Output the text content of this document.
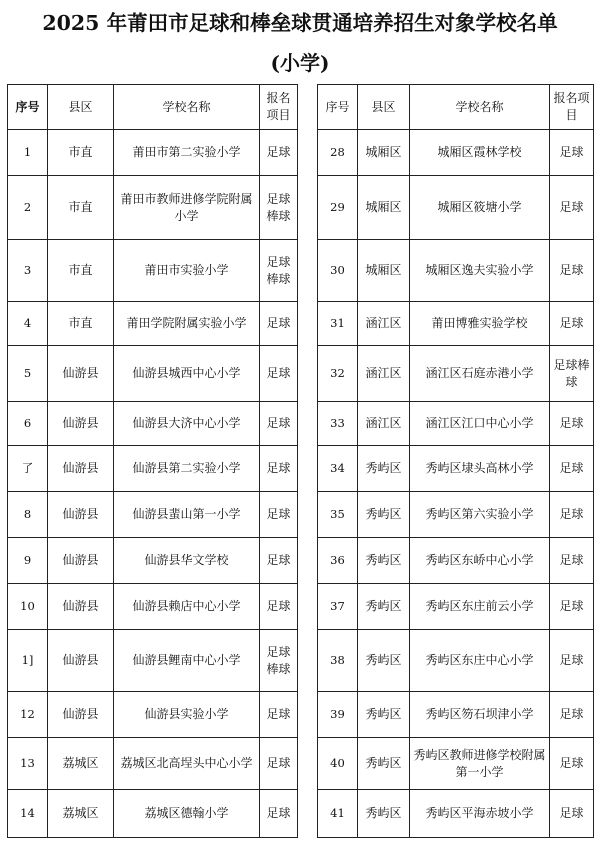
2025 年莆田市足球和棒垒球贯通培养招生对象学校名单
(小学)
序号	县区	学校名称	报名项目
1	市直	莆田市第二实验小学	足球
2	市直	莆田市教师进修学院附属小学	足球棒球
3	市直	莆田市实验小学	足球棒球
4	市直	莆田学院附属实验小学	足球
5	仙游县	仙游县城西中心小学	足球
6	仙游县	仙游县大济中心小学	足球
了	仙游县	仙游县第二实验小学	足球
8	仙游县	仙游县蜚山第一小学	足球
9	仙游县	仙游县华文学校	足球
10	仙游县	仙游县赖店中心小学	足球
1]	仙游县	仙游县鲤南中心小学	足球棒球
12	仙游县	仙游县实验小学	足球
13	荔城区	荔城区北高埕头中心小学	足球
14	荔城区	荔城区德翰小学	足球
序号	县区	学校名称	报名项目
28	城厢区	城厢区霞林学校	足球
29	城厢区	城厢区筱塘小学	足球
30	城厢区	城厢区逸夫实验小学	足球
31	涵江区	莆田博雅实验学校	足球
32	涵江区	涵江区石庭赤港小学	足球棒球
33	涵江区	涵江区江口中心小学	足球
34	秀屿区	秀屿区埭头高林小学	足球
35	秀屿区	秀屿区第六实验小学	足球
36	秀屿区	秀屿区东峤中心小学	足球
37	秀屿区	秀屿区东庄前云小学	足球
38	秀屿区	秀屿区东庄中心小学	足球
39	秀屿区	秀屿区笏石坝津小学	足球
40	秀屿区	秀屿区教师进修学校附属第一小学	足球
41	秀屿区	秀屿区平海赤坡小学	足球
